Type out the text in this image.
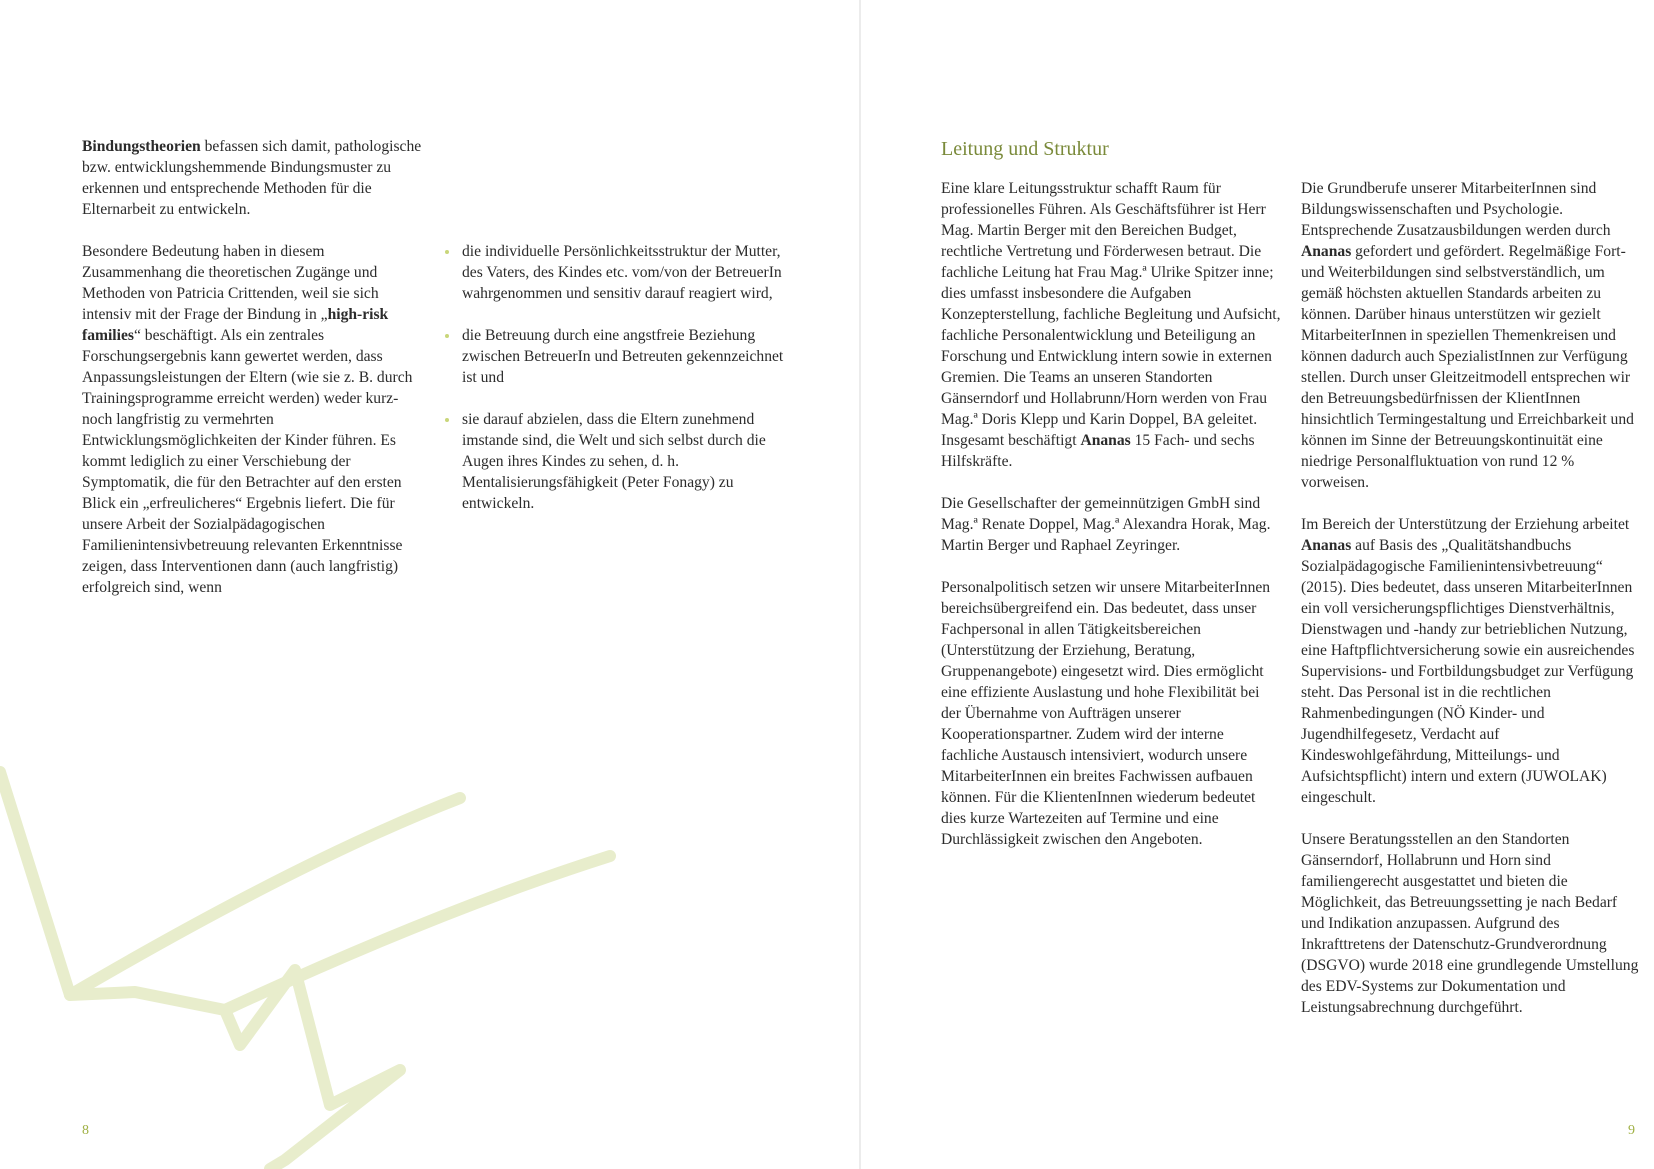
Bindungstheorien befassen sich damit, pathologische bzw. entwicklungshemmende Bindungsmuster zu erkennen und entsprechende Methoden für die Elternarbeit zu entwickeln.

Besondere Bedeutung haben in diesem Zusammenhang die theoretischen Zugänge und Methoden von Patricia Crittenden, weil sie sich intensiv mit der Frage der Bindung in „high-risk families“ beschäftigt. Als ein zentrales Forschungsergebnis kann gewertet werden, dass Anpassungsleistungen der Eltern (wie sie z. B. durch Trainingsprogramme erreicht werden) weder kurz- noch langfristig zu vermehrten Entwicklungsmöglichkeiten der Kinder führen. Es kommt lediglich zu einer Verschiebung der Symptomatik, die für den Betrachter auf den ersten Blick ein „erfreulicheres“ Ergebnis liefert. Die für unsere Arbeit der Sozialpädagogischen Familienintensivbetreuung relevanten Erkenntnisse zeigen, dass Interventionen dann (auch langfristig) erfolgreich sind, wenn

die individuelle Persönlichkeitsstruktur der Mutter, des Vaters, des Kindes etc. vom/von der BetreuerIn wahrgenommen und sensitiv darauf reagiert wird,
die Betreuung durch eine angstfreie Beziehung zwischen BetreuerIn und Betreuten gekennzeichnet ist und
sie darauf abzielen, dass die Eltern zunehmend imstande sind, die Welt und sich selbst durch die Augen ihres Kindes zu sehen, d. h. Mentalisierungsfähigkeit (Peter Fonagy) zu entwickeln.
8
Leitung und Struktur

Eine klare Leitungsstruktur schafft Raum für professionelles Führen. Als Geschäftsführer ist Herr Mag. Martin Berger mit den Bereichen Budget, rechtliche Vertretung und Förderwesen betraut. Die fachliche Leitung hat Frau Mag.ª Ulrike Spitzer inne; dies umfasst insbesondere die Aufgaben Konzepterstellung, fachliche Begleitung und Aufsicht, fachliche Personalentwicklung und Beteiligung an Forschung und Entwicklung intern sowie in externen Gremien. Die Teams an unseren Standorten Gänserndorf und Hollabrunn/Horn werden von Frau Mag.ª Doris Klepp und Karin Doppel, BA geleitet. Insgesamt beschäftigt Ananas 15 Fach- und sechs Hilfskräfte.

Die Gesellschafter der gemeinnützigen GmbH sind Mag.ª Renate Doppel, Mag.ª Alexandra Horak, Mag. Martin Berger und Raphael Zeyringer.

Personalpolitisch setzen wir unsere MitarbeiterInnen bereichsübergreifend ein. Das bedeutet, dass unser Fachpersonal in allen Tätigkeitsbereichen (Unterstützung der Erziehung, Beratung, Gruppenangebote) eingesetzt wird. Dies ermöglicht eine effiziente Auslastung und hohe Flexibilität bei der Übernahme von Aufträgen unserer Kooperationspartner. Zudem wird der interne fachliche Austausch intensiviert, wodurch unsere MitarbeiterInnen ein breites Fachwissen aufbauen können. Für die KlientenInnen wiederum bedeutet dies kurze Wartezeiten auf Termine und eine Durchlässigkeit zwischen den Angeboten.

Die Grundberufe unserer MitarbeiterInnen sind Bildungswissenschaften und Psychologie. Entsprechende Zusatzausbildungen werden durch Ananas gefordert und gefördert. Regelmäßige Fort- und Weiterbildungen sind selbstverständlich, um gemäß höchsten aktuellen Standards arbeiten zu können. Darüber hinaus unterstützen wir gezielt MitarbeiterInnen in speziellen Themenkreisen und können dadurch auch SpezialistInnen zur Verfügung stellen. Durch unser Gleitzeitmodell entsprechen wir den Betreuungsbedürfnissen der KlientInnen hinsichtlich Termingestaltung und Erreichbarkeit und können im Sinne der Betreuungskontinuität eine niedrige Personalfluktuation von rund 12 % vorweisen.

Im Bereich der Unterstützung der Erziehung arbeitet Ananas auf Basis des „Qualitätshandbuchs Sozialpädagogische Familienintensivbetreuung“ (2015). Dies bedeutet, dass unseren MitarbeiterInnen ein voll versicherungspflichtiges Dienstverhältnis, Dienstwagen und -handy zur betrieblichen Nutzung, eine Haftpflichtversicherung sowie ein ausreichendes Supervisions- und Fortbildungsbudget zur Verfügung steht. Das Personal ist in die rechtlichen Rahmenbedingungen (NÖ Kinder- und Jugendhilfegesetz, Verdacht auf Kindeswohlgefährdung, Mitteilungs- und Aufsichtspflicht) intern und extern (JUWOLAK) eingeschult.

Unsere Beratungsstellen an den Standorten Gänserndorf, Hollabrunn und Horn sind familiengerecht ausgestattet und bieten die Möglichkeit, das Betreuungssetting je nach Bedarf und Indikation anzupassen. Aufgrund des Inkrafttretens der Datenschutz-Grundverordnung (DSGVO) wurde 2018 eine grundlegende Umstellung des EDV-Systems zur Dokumentation und Leistungsabrechnung durchgeführt.

9
